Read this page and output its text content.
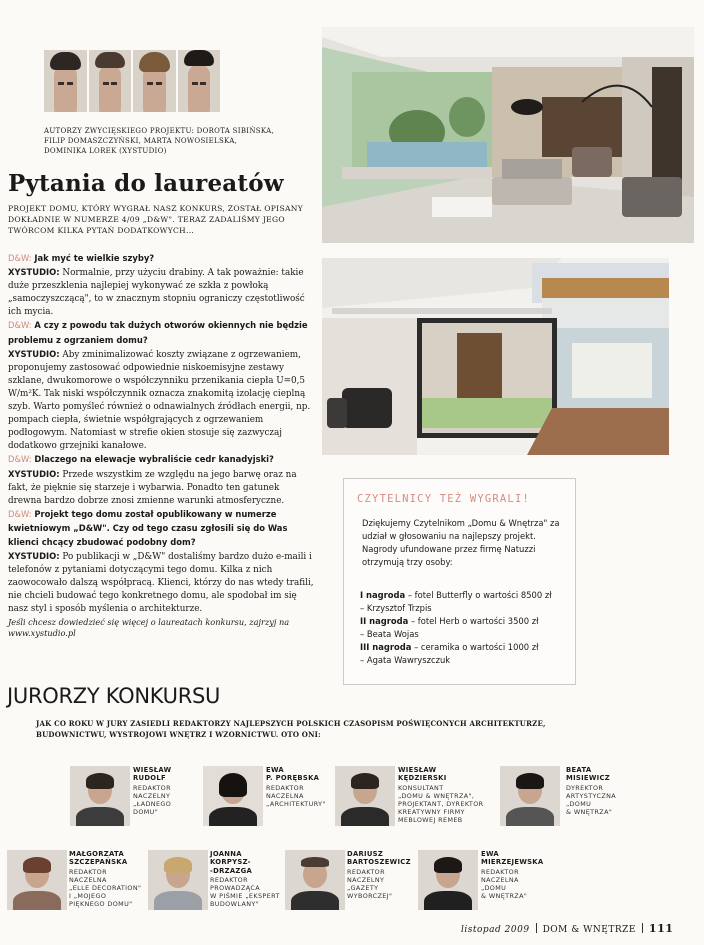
AUTORZY ZWYCIĘSKIEGO PROJEKTU: DOROTA SIBIŃSKA, FILIP DOMASZCZYŃSKI, MARTA NOWOSIELSKA, DOMINIKA LOREK (XYSTUDIO)
Pytania do laureatów
PROJEKT DOMU, KTÓRY WYGRAŁ NASZ KONKURS, ZOSTAŁ OPISANY DOKŁADNIE W NUMERZE 4/09 „D&W". TERAZ ZADALIŚMY JEGO TWÓRCOM KILKA PYTAŃ DODATKOWYCH...

D&W: Jak myć te wielkie szyby?

XYSTUDIO: Normalnie, przy użyciu drabiny. A tak poważnie: takie duże przeszklenia najlepiej wykonywać ze szkła z powłoką „samoczyszczącą", to w znacznym stopniu ograniczy częstotliwość ich mycia.

D&W: A czy z powodu tak dużych otworów okiennych nie będzie problemu z ogrzaniem domu?

XYSTUDIO: Aby zminimalizować koszty związane z ogrzewaniem, proponujemy zastosować odpowiednie niskoemisyjne zestawy szklane, dwukomorowe o współczynniku przenikania ciepła U=0,5 W/m²K. Tak niski współczynnik oznacza znakomitą izolację cieplną szyb. Warto pomyśleć również o odnawialnych źródłach energii, np. pompach ciepła, świetnie współgrających z ogrzewaniem podłogowym. Natomiast w strefie okien stosuje się zazwyczaj dodatkowo grzejniki kanałowe.

D&W: Dlaczego na elewacje wybraliście cedr kanadyjski?

XYSTUDIO: Przede wszystkim ze względu na jego barwę oraz na fakt, że pięknie się starzeje i wybarwia. Ponadto ten gatunek drewna bardzo dobrze znosi zmienne warunki atmosferyczne.

D&W: Projekt tego domu został opublikowany w numerze kwietniowym „D&W". Czy od tego czasu zgłosili się do Was klienci chcący zbudować podobny dom?

XYSTUDIO: Po publikacji w „D&W" dostaliśmy bardzo dużo e-maili i telefonów z pytaniami dotyczącymi tego domu. Kilka z nich zaowocowało dalszą współpracą. Klienci, którzy do nas wtedy trafili, nie chcieli budować tego konkretnego domu, ale spodobał im się nasz styl i sposób myślenia o architekturze.

Jeśli chcesz dowiedzieć się więcej o laureatach konkursu, zajrzyj na www.xystudio.pl

CZYTELNICY TEŻ WYGRALI!
Dziękujemy Czytelnikom „Domu & Wnętrza" za udział w głosowaniu na najlepszy projekt. Nagrody ufundowane przez firmę Natuzzi otrzymują trzy osoby:

I nagroda – fotel Butterfly o wartości 8500 zł

– Krzysztof Trzpis

II nagroda – fotel Herb o wartości 3500 zł

– Beata Wojas

III nagroda – ceramika o wartości 1000 zł

– Agata Wawryszczuk

JURORZY KONKURSU
JAK CO ROKU W JURY ZASIEDLI REDAKTORZY NAJLEPSZYCH POLSKICH CZASOPISM POŚWIĘCONYCH ARCHITEKTURZE, BUDOWNICTWU, WYSTROJOWI WNĘTRZ I WZORNICTWU. OTO ONI:
WIESŁAW
RUDOLF
REDAKTOR
NACZELNY
„ŁADNEGO
DOMU"
EWA
P. PORĘBSKA
REDAKTOR
NACZELNA
„ARCHITEKTURY"
WIESŁAW
KĘDZIERSKI
KONSULTANT
„DOMU & WNĘTRZA",
PROJEKTANT, DYREKTOR
KREATYWNY FIRMY
MEBLOWEJ REMEB
BEATA
MISIEWICZ
DYREKTOR
ARTYSTYCZNA
„DOMU
& WNĘTRZA"
MAŁGORZATA
SZCZEPAŃSKA
REDAKTOR
NACZELNA
„ELLE DECORATION"
I „MOJEGO
PIĘKNEGO DOMU"
JOANNA
KORPYSZ-
-DRZAZGA
REDAKTOR
PROWADZĄCA
W PIŚMIE „EKSPERT
BUDOWLANY"
DARIUSZ
BARTOSZEWICZ
REDAKTOR
NACZELNY
„GAZETY
WYBORCZEJ"
EWA
MIERZEJEWSKA
REDAKTOR
NACZELNA
„DOMU
& WNĘTRZA"
listopad 2009 DOM & WNĘTRZE 111
